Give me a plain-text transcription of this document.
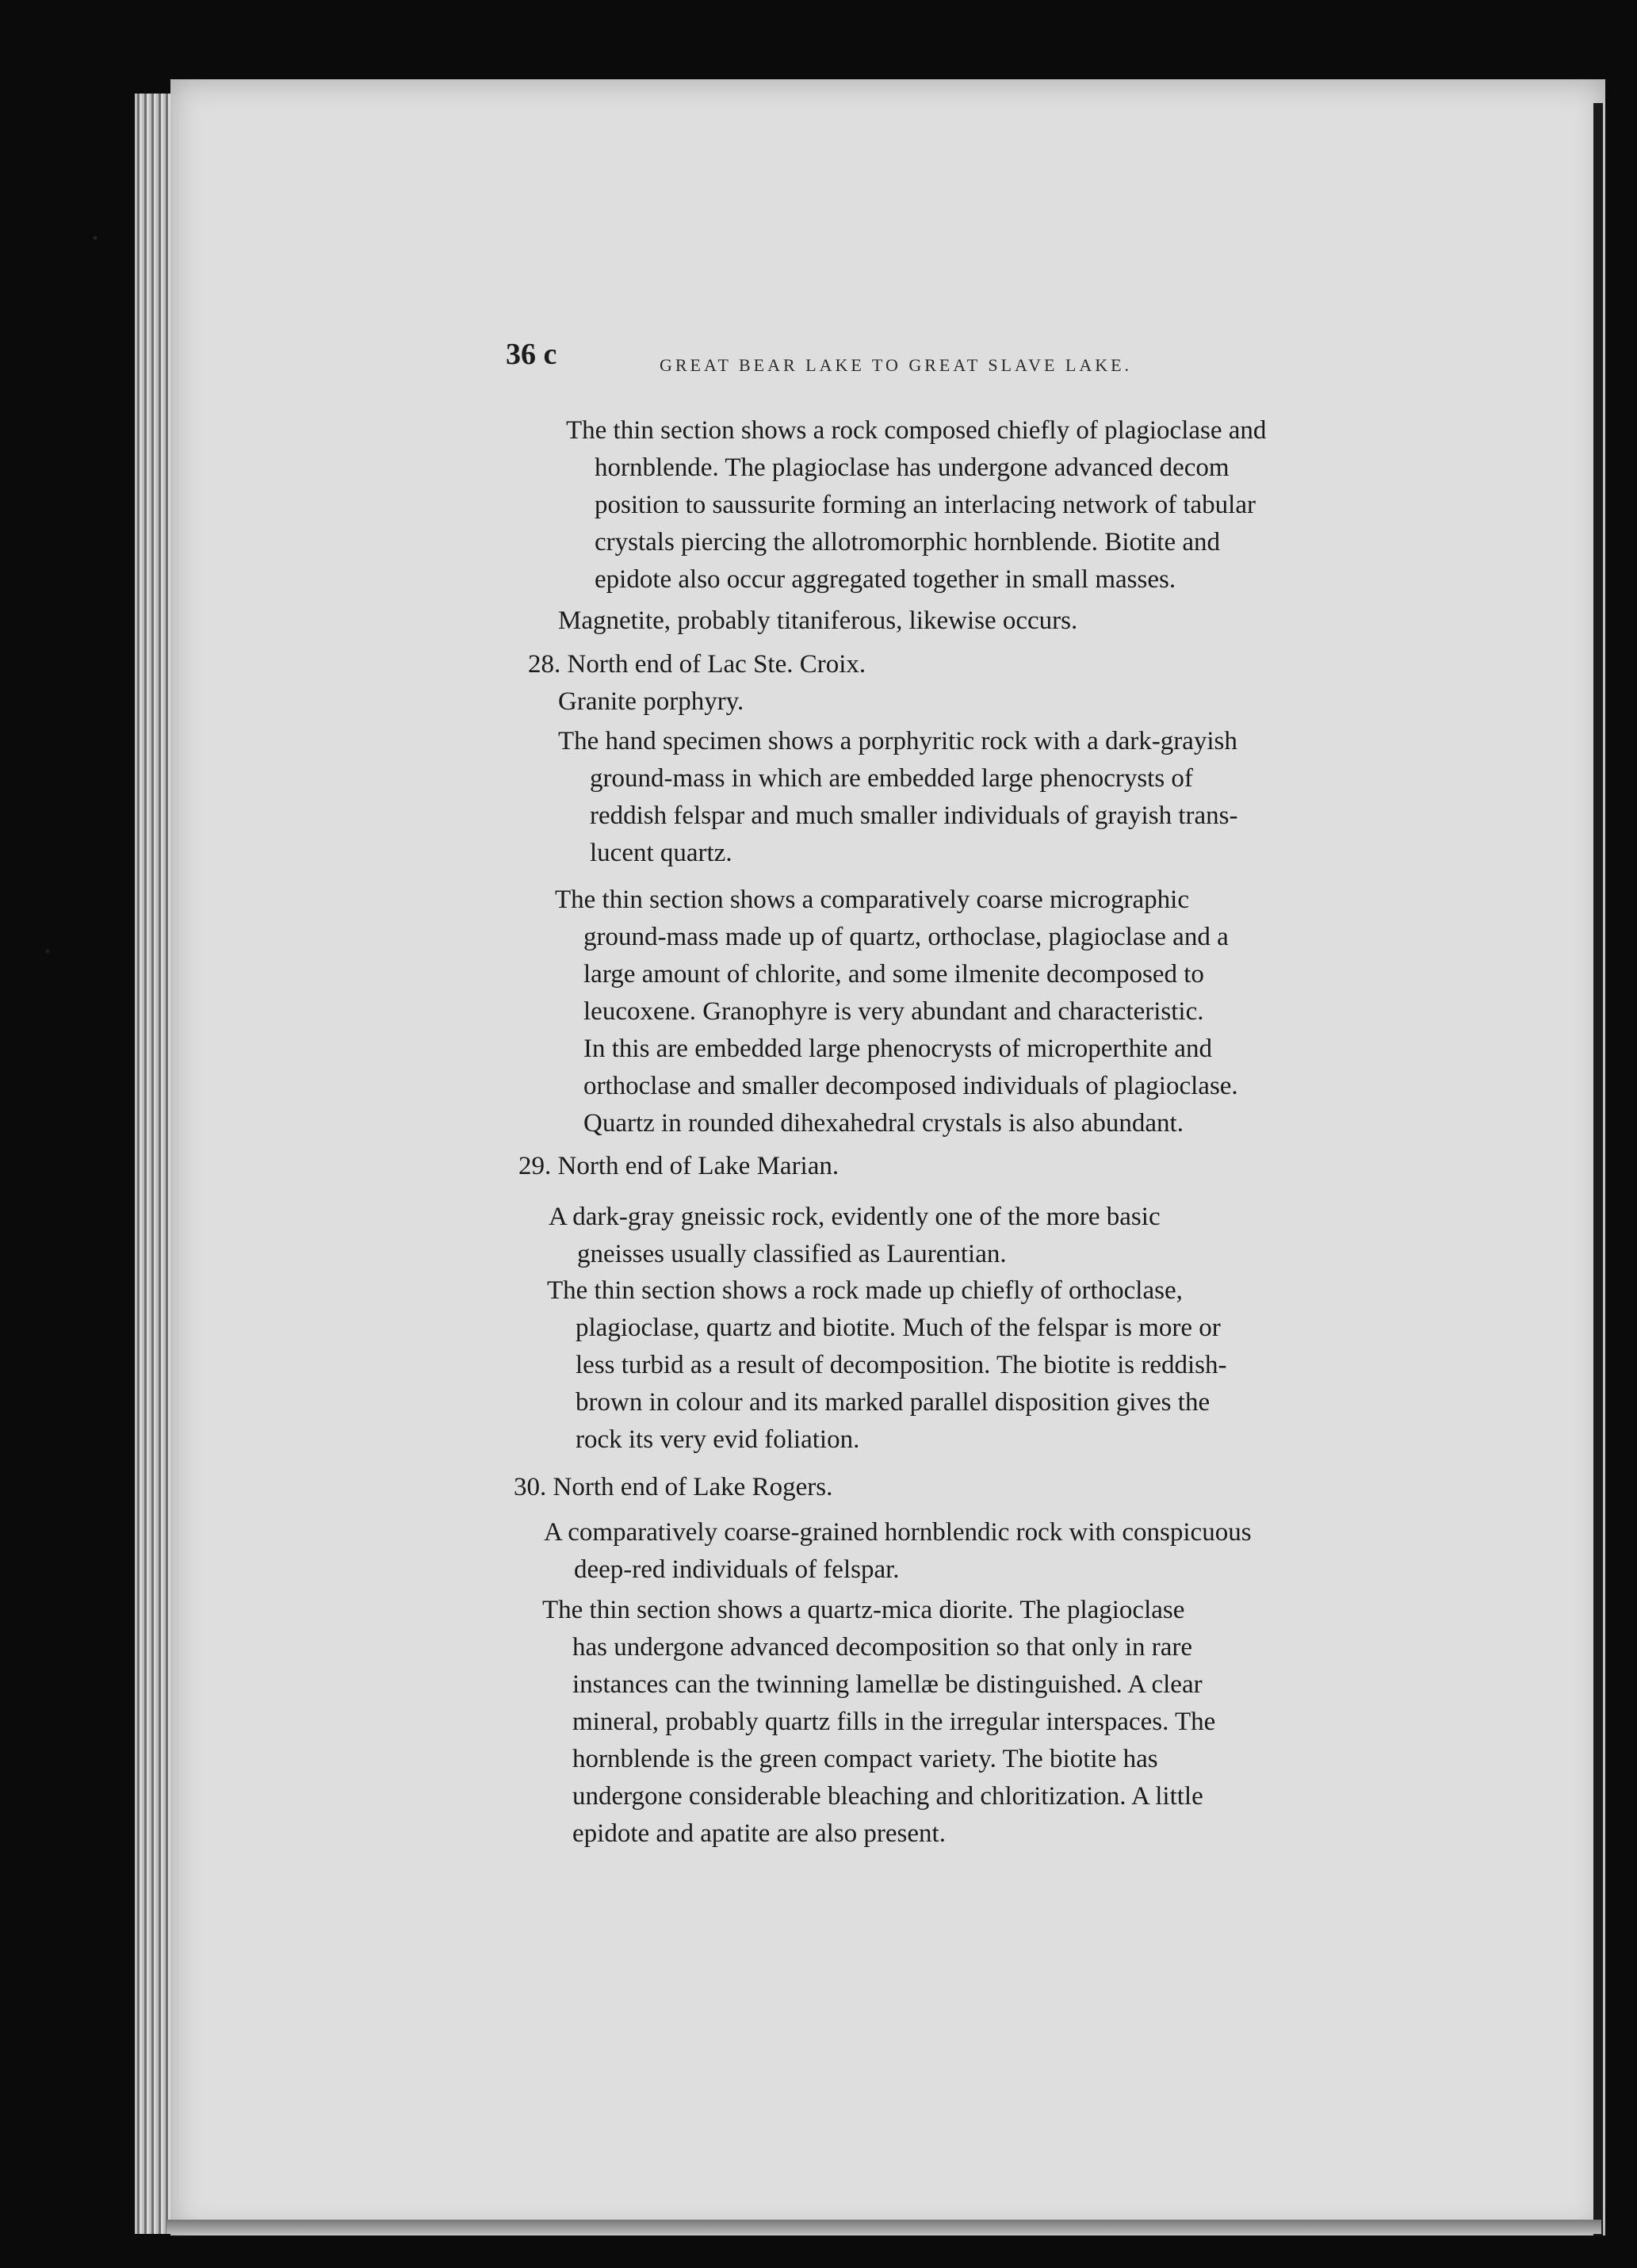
36 c	GREAT BEAR LAKE TO GREAT SLAVE LAKE.
The thin section shows a rock composed chiefly of plagioclase and
hornblende. The plagioclase has undergone advanced decom
position to saussurite forming an interlacing network of tabular
crystals piercing the allotromorphic hornblende. Biotite and
epidote also occur aggregated together in small masses.
Magnetite, probably titaniferous, likewise occurs.
28. North end of Lac Ste. Croix.
Granite porphyry.
The hand specimen shows a porphyritic rock with a dark-grayish
ground-mass in which are embedded large phenocrysts of
reddish felspar and much smaller individuals of grayish trans-
lucent quartz.
The thin section shows a comparatively coarse micrographic
ground-mass made up of quartz, orthoclase, plagioclase and a
large amount of chlorite, and some ilmenite decomposed to
leucoxene. Granophyre is very abundant and characteristic.
In this are embedded large phenocrysts of microperthite and
orthoclase and smaller decomposed individuals of plagioclase.
Quartz in rounded dihexahedral crystals is also abundant.
29. North end of Lake Marian.
A dark-gray gneissic rock, evidently one of the more basic
gneisses usually classified as Laurentian.
The thin section shows a rock made up chiefly of orthoclase,
plagioclase, quartz and biotite. Much of the felspar is more or
less turbid as a result of decomposition. The biotite is reddish-
brown in colour and its marked parallel disposition gives the
rock its very evid foliation.
30. North end of Lake Rogers.
A comparatively coarse-grained hornblendic rock with conspicuous
deep-red individuals of felspar.
The thin section shows a quartz-mica diorite. The plagioclase
has undergone advanced decomposition so that only in rare
instances can the twinning lamellæ be distinguished. A clear
mineral, probably quartz fills in the irregular interspaces. The
hornblende is the green compact variety. The biotite has
undergone considerable bleaching and chloritization. A little
epidote and apatite are also present.
